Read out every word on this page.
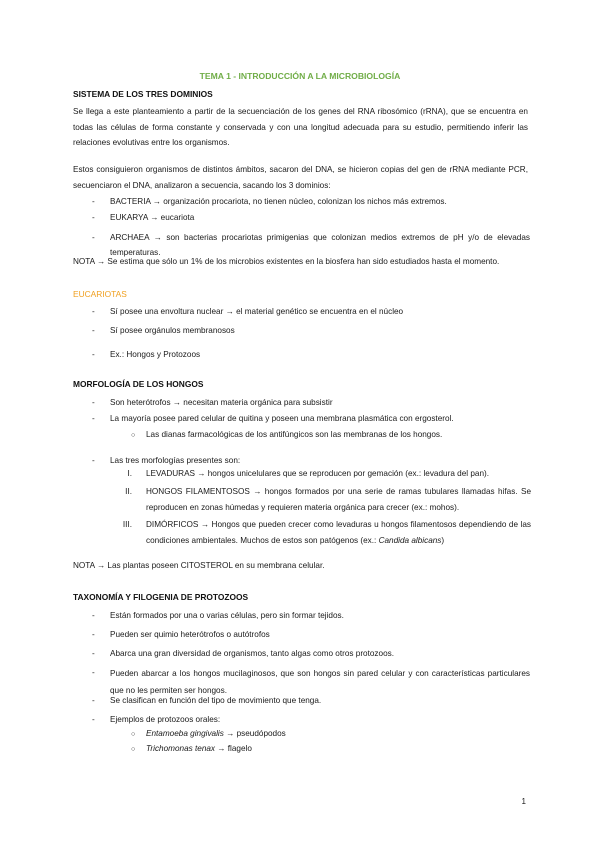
TEMA 1 - INTRODUCCIÓN A LA MICROBIOLOGÍA
SISTEMA DE LOS TRES DOMINIOS
Se llega a este planteamiento a partir de la secuenciación de los genes del RNA ribosómico (rRNA), que se encuentra en todas las células de forma constante y conservada y con una longitud adecuada para su estudio, permitiendo inferir las relaciones evolutivas entre los organismos.
Estos consiguieron organismos de distintos ámbitos, sacaron del DNA, se hicieron copias del gen de rRNA mediante PCR, secuenciaron el DNA, analizaron a secuencia, sacando los 3 dominios:
- BACTERIA → organización procariota, no tienen núcleo, colonizan los nichos más extremos.
- EUKARYA → eucariota
- ARCHAEA → son bacterias procariotas primigenias que colonizan medios extremos de pH y/o de elevadas temperaturas.
NOTA → Se estima que sólo un 1% de los microbios existentes en la biosfera han sido estudiados hasta el momento.
EUCARIOTAS
- Sí posee una envoltura nuclear → el material genético se encuentra en el núcleo
- Sí posee orgánulos membranosos
- Ex.: Hongos y Protozoos
MORFOLOGÍA DE LOS HONGOS
- Son heterótrofos → necesitan materia orgánica para subsistir
- La mayoría posee pared celular de quitina y poseen una membrana plasmática con ergosterol.
○ Las dianas farmacológicas de los antifúngicos son las membranas de los hongos.
- Las tres morfologías presentes son:
I. LEVADURAS → hongos unicelulares que se reproducen por gemación (ex.: levadura del pan).
II. HONGOS FILAMENTOSOS → hongos formados por una serie de ramas tubulares llamadas hifas. Se reproducen en zonas húmedas y requieren materia orgánica para crecer (ex.: mohos).
III. DIMÓRFICOS → Hongos que pueden crecer como levaduras u hongos filamentosos dependiendo de las condiciones ambientales. Muchos de estos son patógenos (ex.: Candida albicans)
NOTA → Las plantas poseen CITOSTEROL en su membrana celular.
TAXONOMÍA Y FILOGENIA DE PROTOZOOS
- Están formados por una o varias células, pero sin formar tejidos.
- Pueden ser quimio heterótrofos o autótrofos
- Abarca una gran diversidad de organismos, tanto algas como otros protozoos.
- Pueden abarcar a los hongos mucilaginosos, que son hongos sin pared celular y con características particulares que no les permiten ser hongos.
- Se clasifican en función del tipo de movimiento que tenga.
- Ejemplos de protozoos orales:
○ Entamoeba gingivalis → pseudópodos
○ Trichomonas tenax → flagelo
1
